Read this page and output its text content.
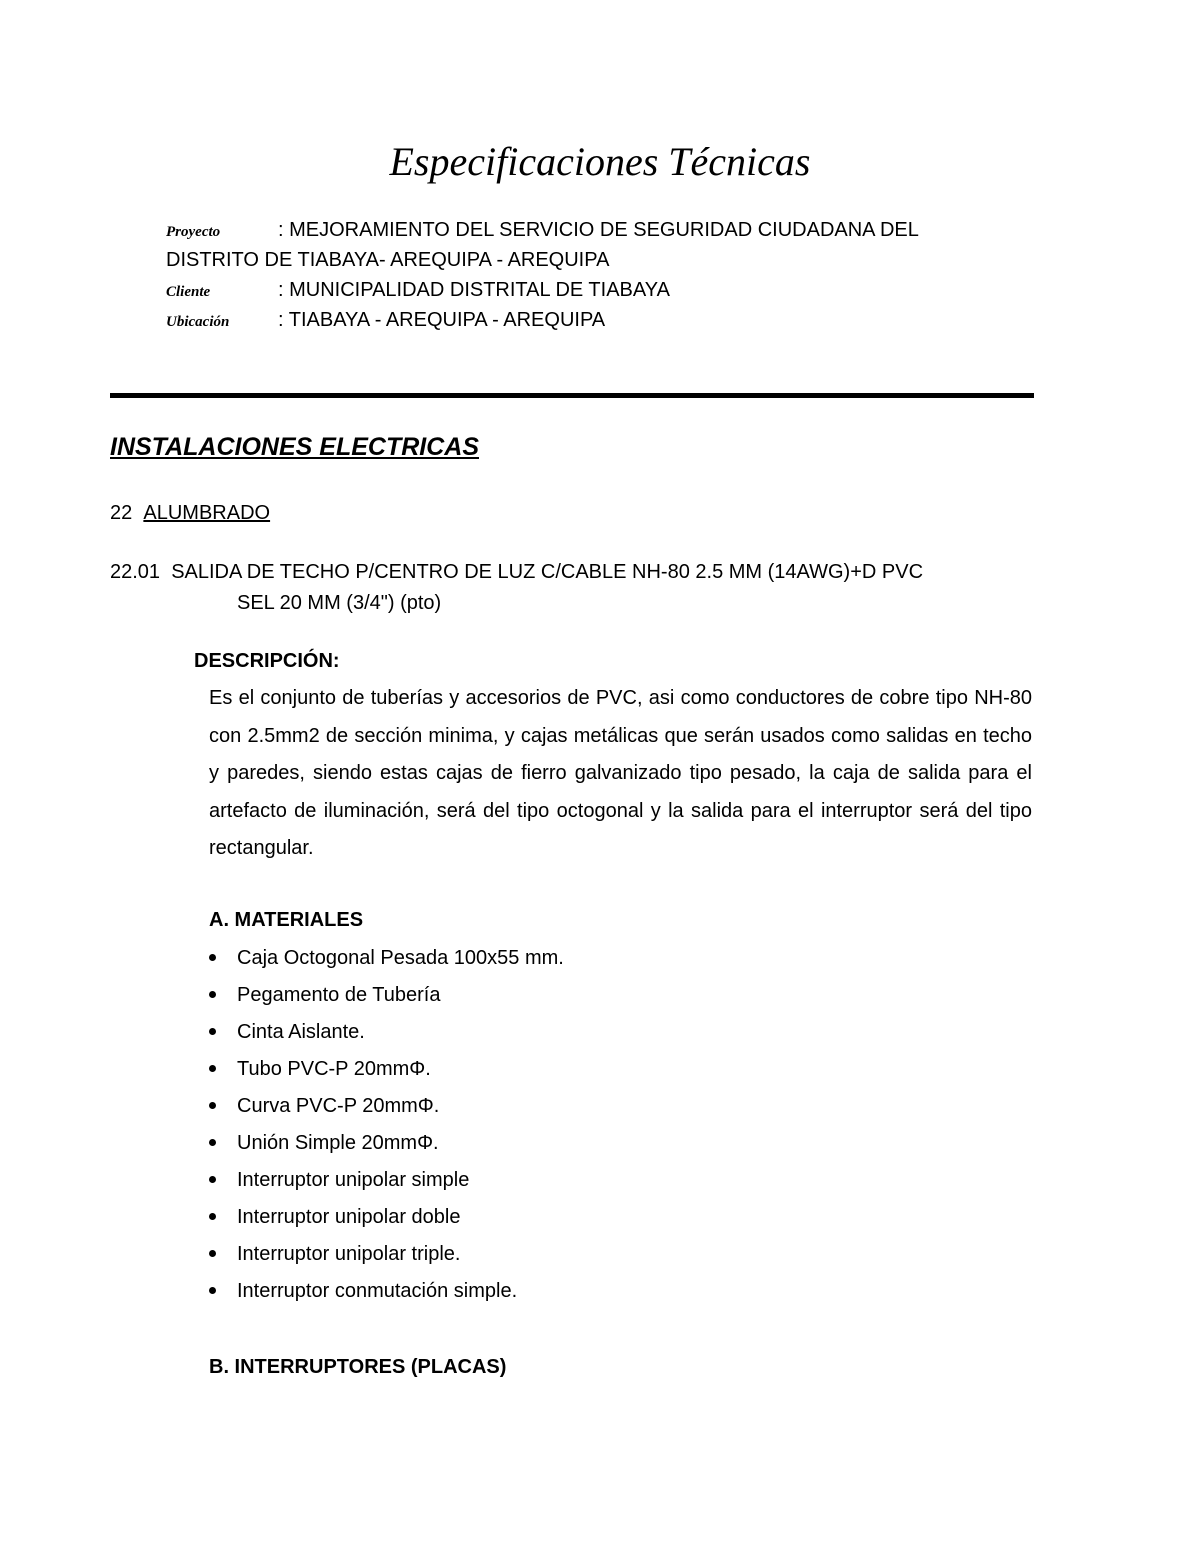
Especificaciones Técnicas
Proyecto	: MEJORAMIENTO DEL SERVICIO DE SEGURIDAD CIUDADANA DEL
DISTRITO DE TIABAYA- AREQUIPA - AREQUIPA
Cliente	: MUNICIPALIDAD DISTRITAL DE TIABAYA
Ubicación : TIABAYA - AREQUIPA - AREQUIPA
INSTALACIONES ELECTRICAS
22 ALUMBRADO
22.01 SALIDA DE TECHO P/CENTRO DE LUZ C/CABLE NH-80 2.5 MM (14AWG)+D PVC
SEL 20 MM (3/4") (pto)
DESCRIPCIÓN:
Es el conjunto de tuberías y accesorios de PVC, asi como conductores de cobre tipo NH-80 con 2.5mm2 de sección minima, y cajas metálicas que serán usados como salidas en techo y paredes, siendo estas cajas de fierro galvanizado tipo pesado, la caja de salida para el artefacto de iluminación, será del tipo octogonal y la salida para el interruptor será del tipo rectangular.
A. MATERIALES
Caja Octogonal Pesada 100x55 mm.
Pegamento de Tubería
Cinta Aislante.
Tubo PVC-P 20mmΦ.
Curva PVC-P 20mmΦ.
Unión Simple 20mmΦ.
Interruptor unipolar simple
Interruptor unipolar doble
Interruptor unipolar triple.
Interruptor conmutación simple.
B. INTERRUPTORES (PLACAS)
